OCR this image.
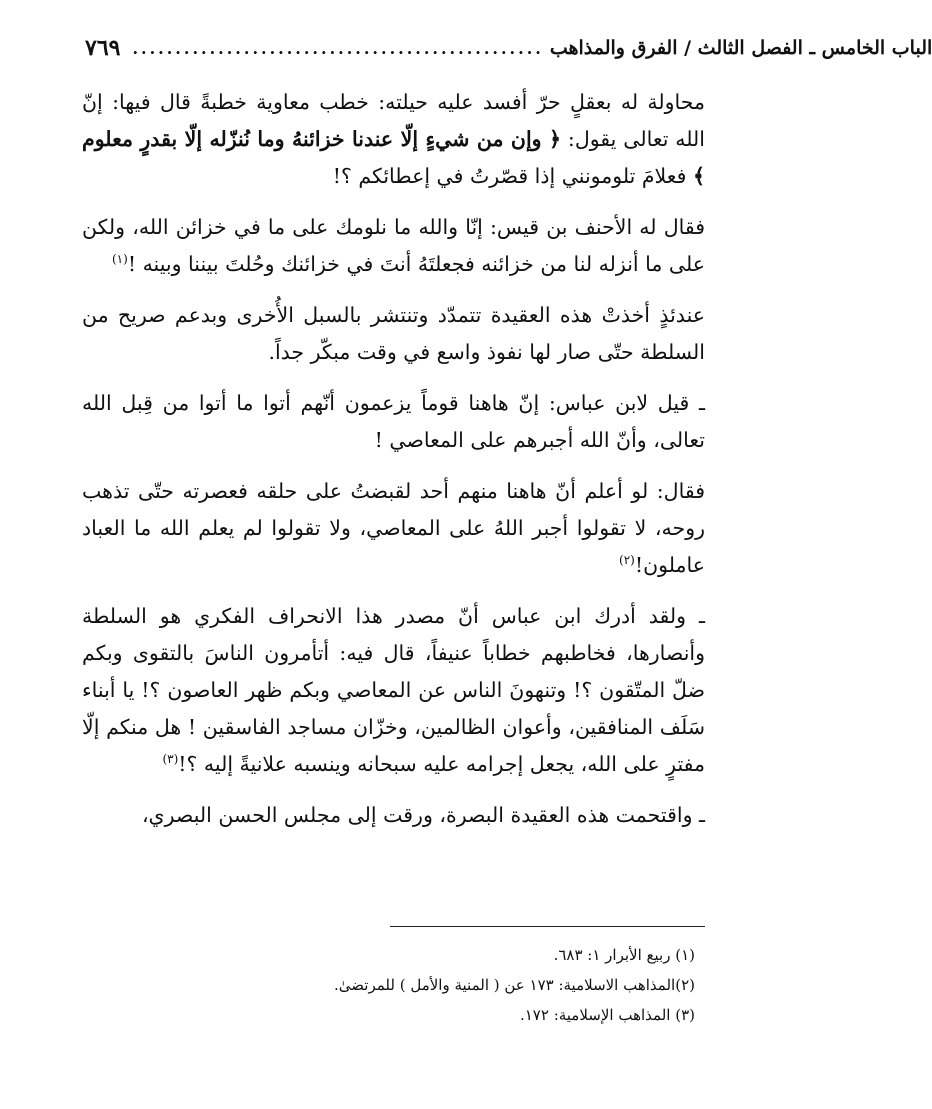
٧٦٩ ................................................ الباب الخامس ـ الفصل الثالث / الفرق والمذاهب

محاولة له بعقلٍ حرّ أفسد عليه حيلته: خطب معاوية خطبةً قال فيها: إنّ الله تعالى يقول: ﴿ وإن من شيءٍ إلّا عندنا خزائنهُ وما نُنزّله إلّا بقدرٍ معلوم ﴾ فعلامَ تلومونني إذا قصّرتُ في إعطائكم ؟!

فقال له الأحنف بن قيس: إنّا والله ما نلومك على ما في خزائن الله، ولكن على ما أنزله لنا من خزائنه فجعلتَهُ أنتَ في خزائنك وحُلتَ بيننا وبينه !$^{(١)}$

عندئذٍ أخذتْ هذه العقيدة تتمدّد وتنتشر بالسبل الأُخرى وبدعم صريح من السلطة حتّى صار لها نفوذ واسع في وقت مبكّر جداً.

ـ قيل لابن عباس: إنّ هاهنا قوماً يزعمون أنّهم أتوا ما أتوا من قِبل الله تعالى، وأنّ الله أجبرهم على المعاصي !

فقال: لو أعلم أنّ هاهنا منهم أحد لقبضتُ على حلقه فعصرته حتّى تذهب روحه، لا تقولوا أجبر اللهُ على المعاصي، ولا تقولوا لم يعلم الله ما العباد عاملون!$^{(٢)}$

ـ ولقد أدرك ابن عباس أنّ مصدر هذا الانحراف الفكري هو السلطة وأنصارها، فخاطبهم خطاباً عنيفاً، قال فيه: أتأمرون الناسَ بالتقوى وبكم ضلّ المتّقون ؟! وتنهونَ الناس عن المعاصي وبكم ظهر العاصون ؟! يا أبناء سَلَف المنافقين، وأعوان الظالمين، وخزّان مساجد الفاسقين ! هل منكم إلّا مفترٍ على الله، يجعل إجرامه عليه سبحانه وينسبه علانيةً إليه ؟!$^{(٣)}$

ـ واقتحمت هذه العقيدة البصرة، ورقت إلى مجلس الحسن البصري،

(١) ربيع الأبرار ١: ٦٨٣.
(٢)المذاهب الاسلامية: ١٧٣ عن ( المنية والأمل ) للمرتضىٰ.
(٣) المذاهب الإسلامية: ١٧٢.
